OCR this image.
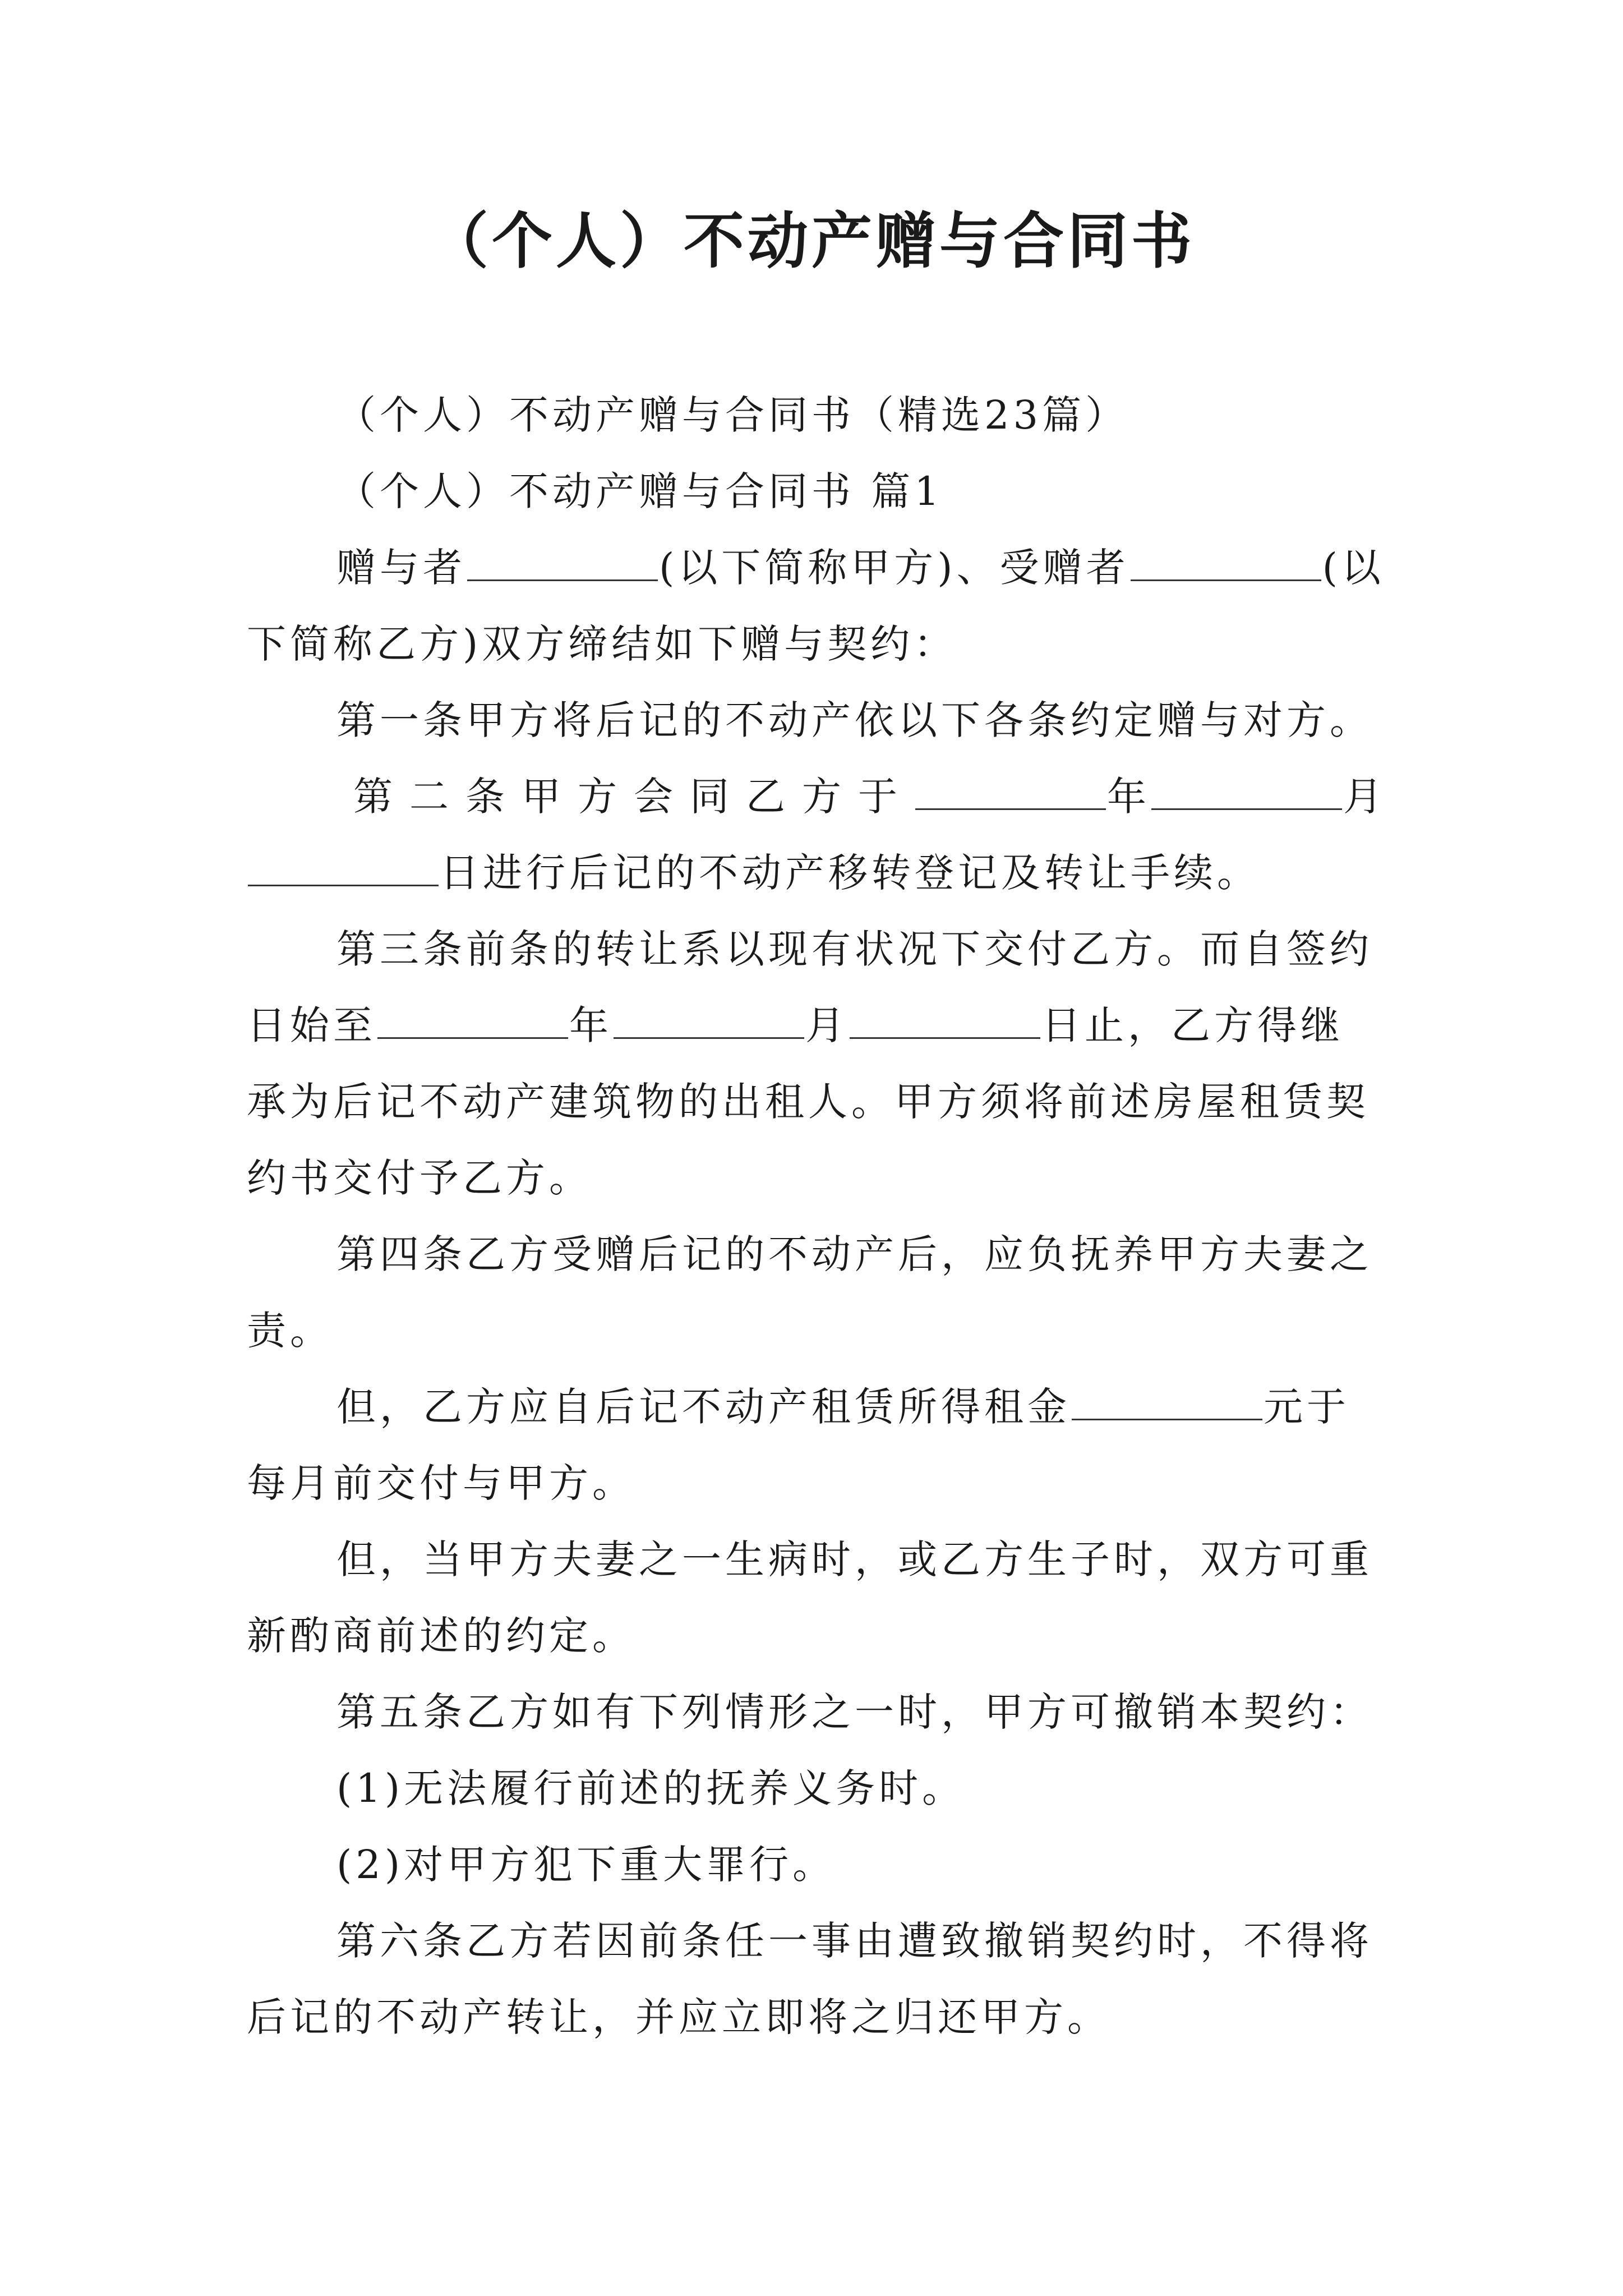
（个人）不动产赠与合同书
（个人）不动产赠与合同书（精选23篇）
（个人）不动产赠与合同书 篇1
赠与者	(以下简称甲方)、受赠者	(以
下简称乙方)双方缔结如下赠与契约：
第一条甲方将后记的不动产依以下各条约定赠与对方。
第二条甲方会同乙方于	年	月
日进行后记的不动产移转登记及转让手续。
第三条前条的转让系以现有状况下交付乙方。而自签约
日始至	年	月	日止，乙方得继
承为后记不动产建筑物的出租人。甲方须将前述房屋租赁契
约书交付予乙方。
第四条乙方受赠后记的不动产后，应负抚养甲方夫妻之
责。
但，乙方应自后记不动产租赁所得租金	元于
每月前交付与甲方。
但，当甲方夫妻之一生病时，或乙方生子时，双方可重
新酌商前述的约定。
第五条乙方如有下列情形之一时，甲方可撤销本契约：
(1)无法履行前述的抚养义务时。
(2)对甲方犯下重大罪行。
第六条乙方若因前条任一事由遭致撤销契约时，不得将
后记的不动产转让，并应立即将之归还甲方。
